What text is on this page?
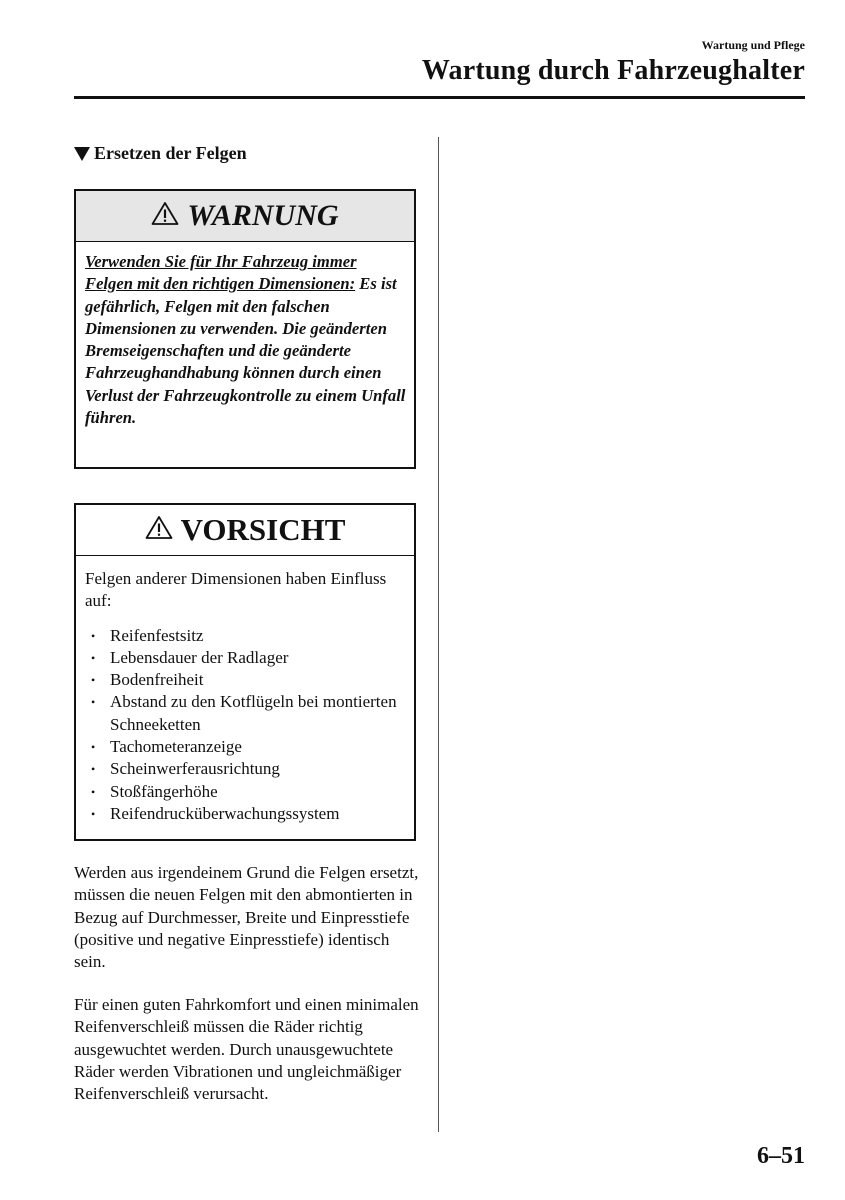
Wartung und Pflege
Wartung durch Fahrzeughalter
Ersetzen der Felgen
WARNUNG
Verwenden Sie für Ihr Fahrzeug immer Felgen mit den richtigen Dimensionen: Es ist gefährlich, Felgen mit den falschen Dimensionen zu verwenden. Die geänderten Bremseigenschaften und die geänderte Fahrzeughandhabung können durch einen Verlust der Fahrzeugkontrolle zu einem Unfall führen.
VORSICHT
Felgen anderer Dimensionen haben Einfluss auf:
• Reifenfestsitz
• Lebensdauer der Radlager
• Bodenfreiheit
• Abstand zu den Kotflügeln bei montierten Schneeketten
• Tachometeranzeige
• Scheinwerferausrichtung
• Stoßfängerhöhe
• Reifendrucküberwachungssystem
Werden aus irgendeinem Grund die Felgen ersetzt, müssen die neuen Felgen mit den abmontierten in Bezug auf Durchmesser, Breite und Einpresstiefe (positive und negative Einpresstiefe) identisch sein.
Für einen guten Fahrkomfort und einen minimalen Reifenverschleiß müssen die Räder richtig ausgewuchtet werden. Durch unausgewuchtete Räder werden Vibrationen und ungleichmäßiger Reifenverschleiß verursacht.
6–51
